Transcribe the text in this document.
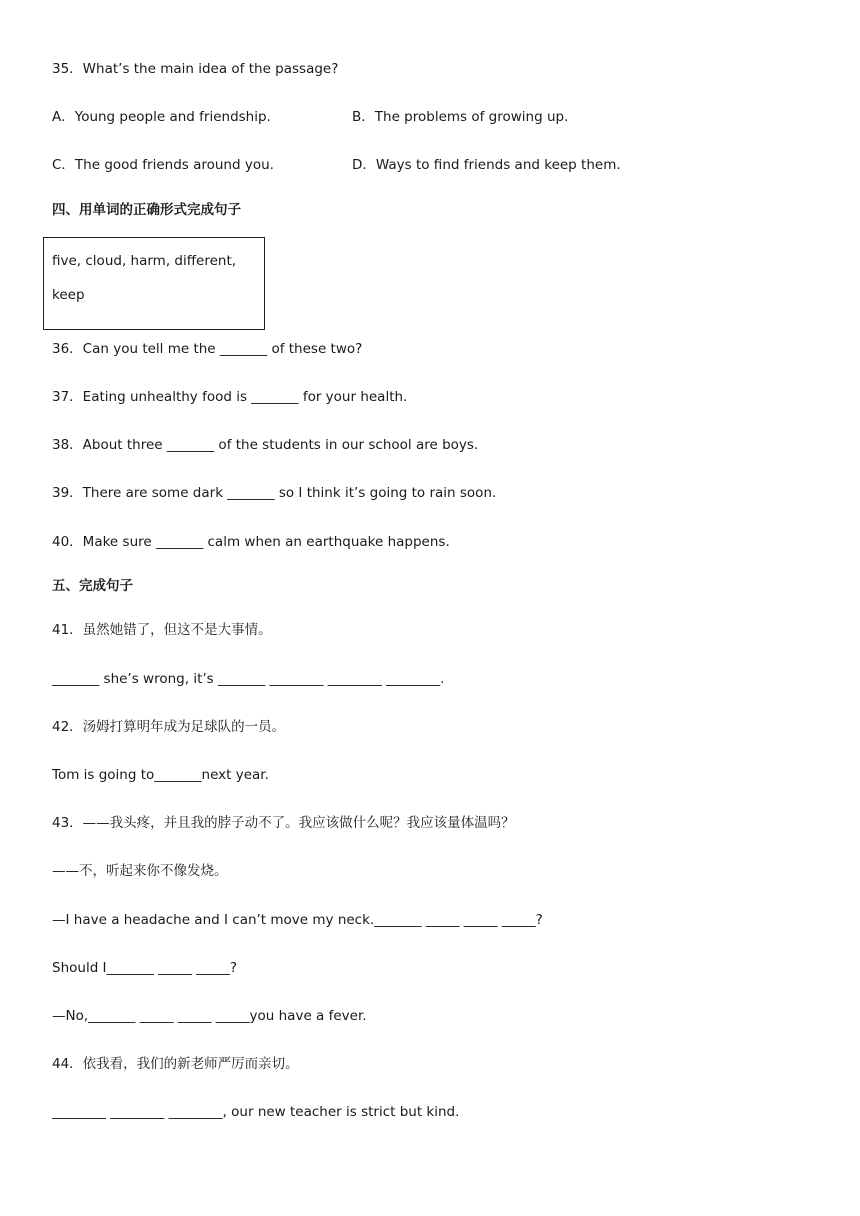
35．What’s the main idea of the passage?

A．Young people and friendship.	B．The problems of growing up.
C．The good friends around you.	D．Ways to find friends and keep them.

四、用单词的正确形式完成句子

five, cloud, harm, different,
keep

36．Can you tell me the _______ of these two?

37．Eating unhealthy food is _______ for your health.

38．About three _______ of the students in our school are boys.

39．There are some dark _______ so I think it’s going to rain soon.

40．Make sure _______ calm when an earthquake happens.

五、完成句子

41．虽然她错了，但这不是大事情。

_______ she’s wrong, it’s _______ ________ ________ ________.

42．汤姆打算明年成为足球队的一员。

Tom is going to_______next year.

43．——我头疼，并且我的脖子动不了。我应该做什么呢？我应该量体温吗？

——不，听起来你不像发烧。

—I have a headache and I can’t move my neck._______ _____ _____ _____?

Should I_______ _____ _____?

—No,_______ _____ _____ _____you have a fever.

44．依我看，我们的新老师严厉而亲切。

________ ________ ________, our new teacher is strict but kind.
